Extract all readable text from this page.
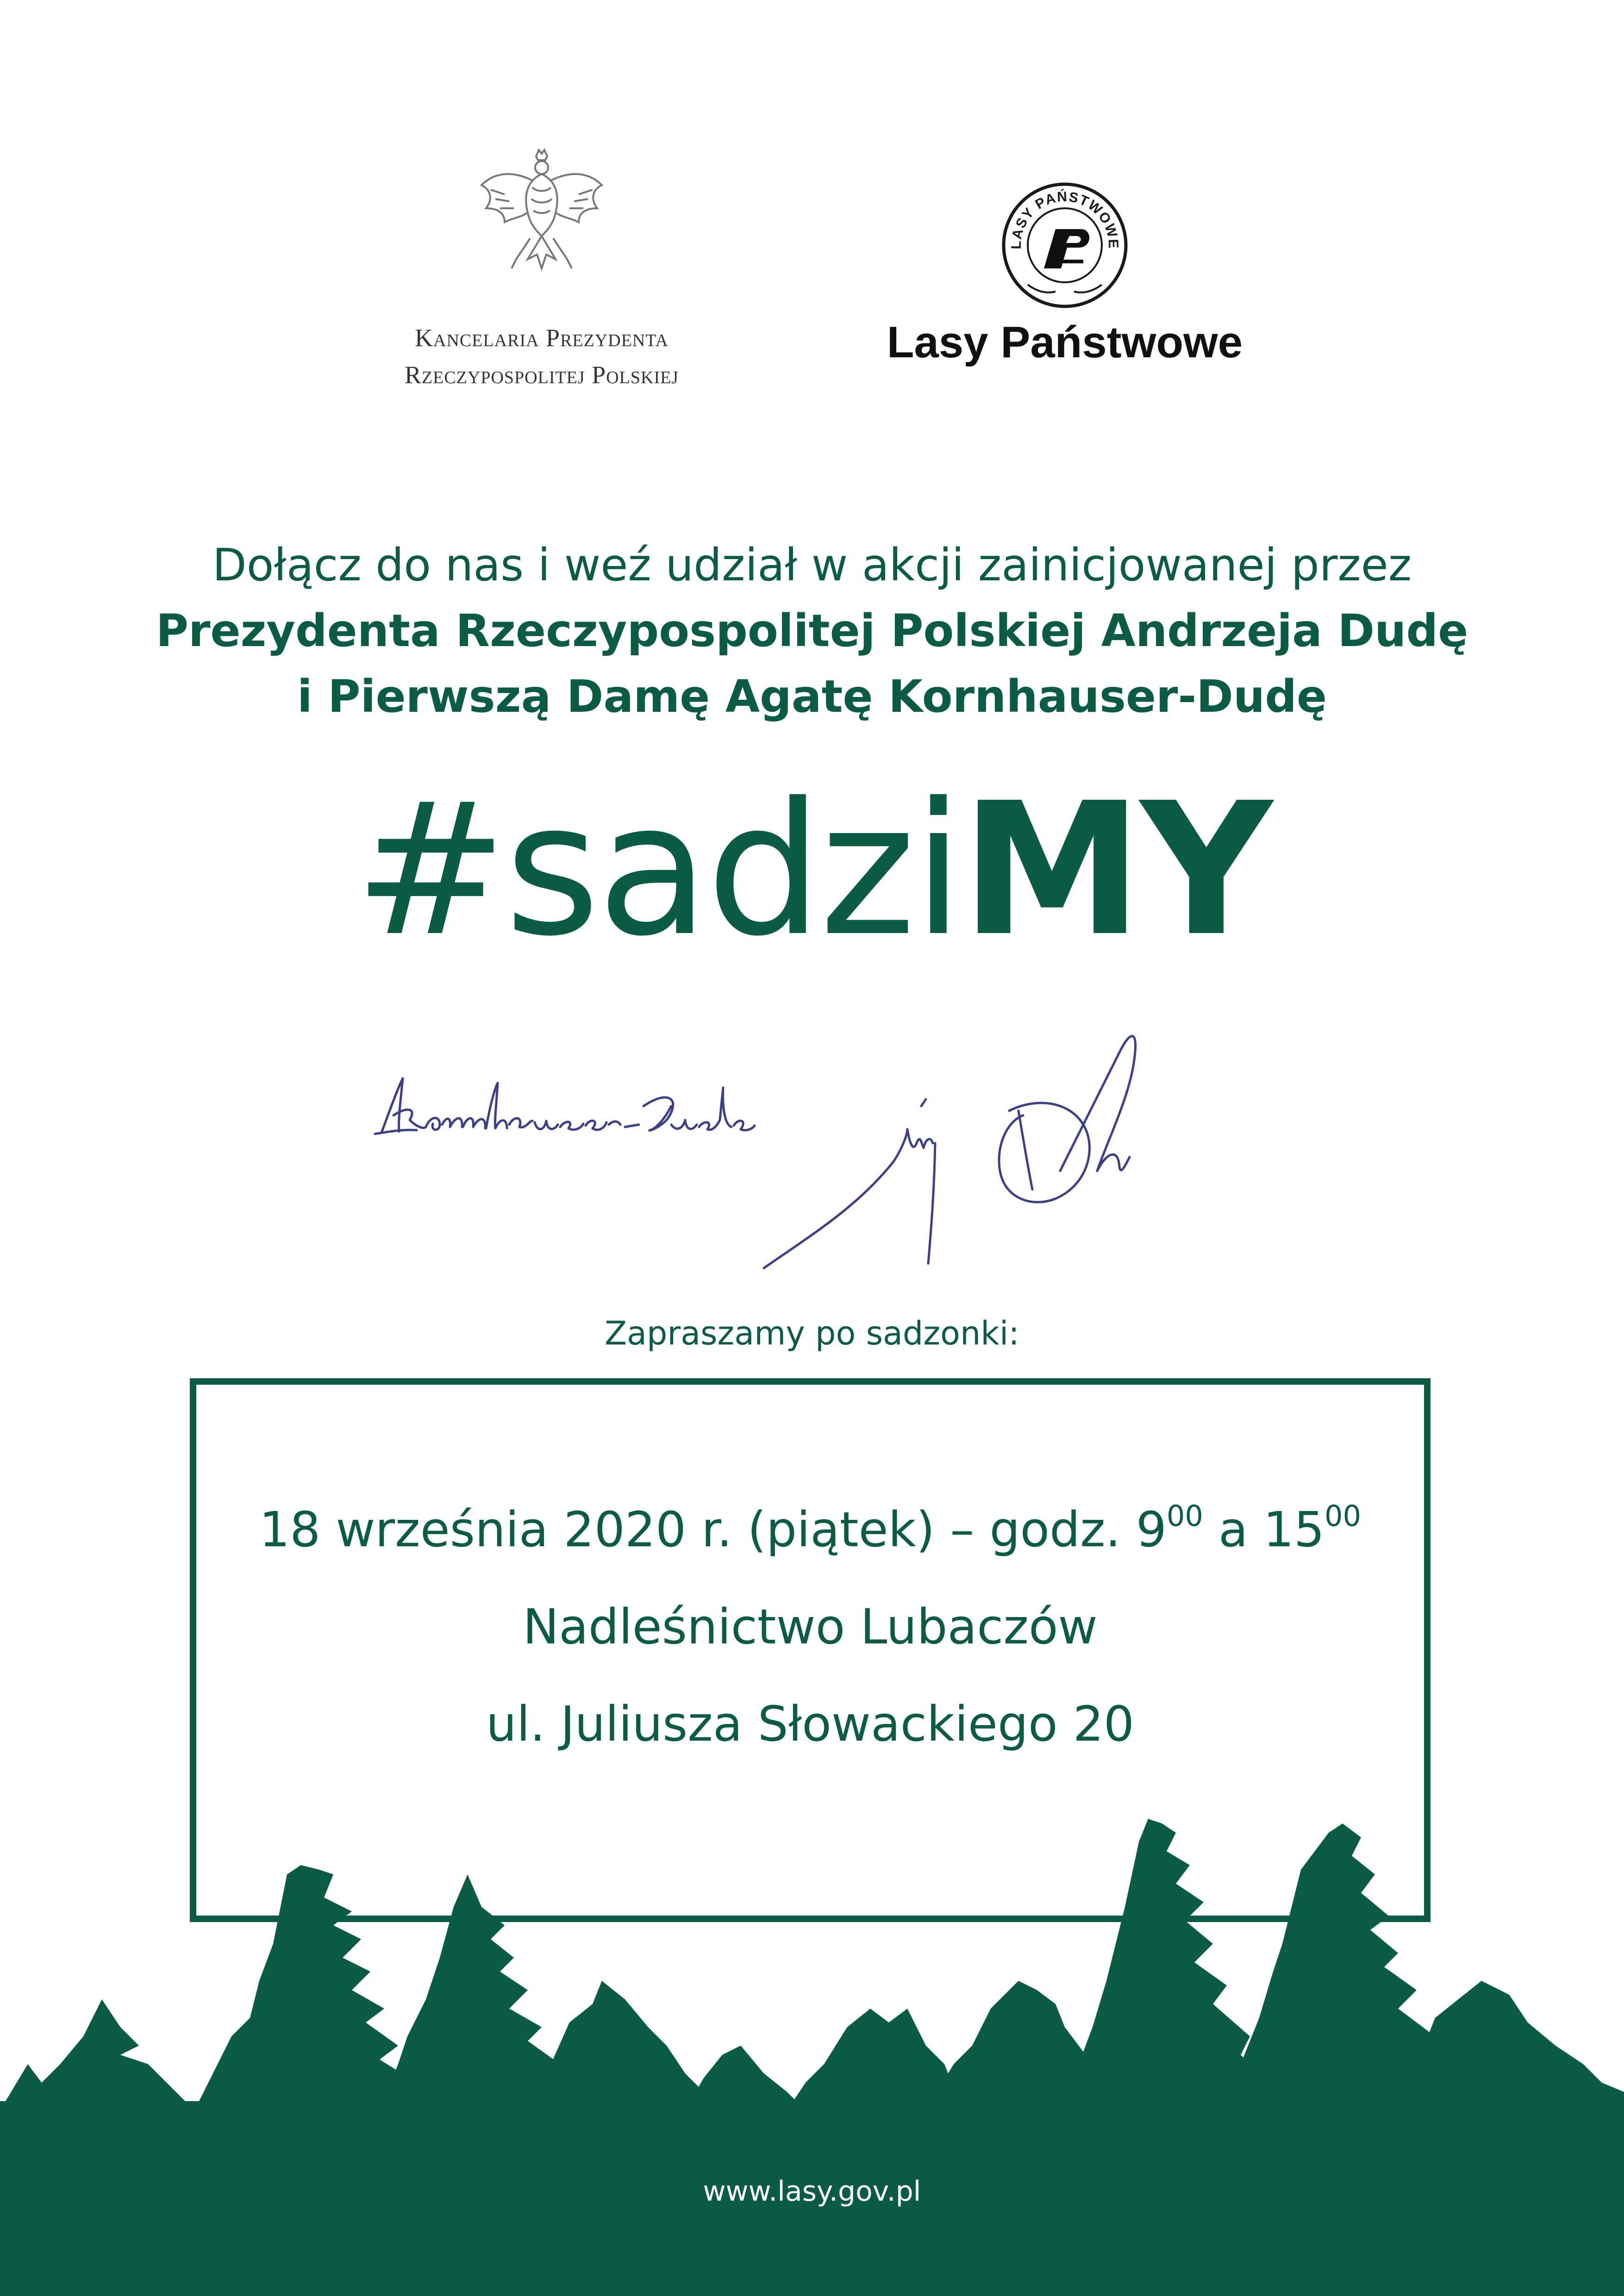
Kancelaria Prezydenta
Rzeczypospolitej Polskiej
LASY PAŃSTWOWE
Lasy Państwowe
Dołącz do nas i weź udział w akcji zainicjowanej przez
Prezydenta Rzeczypospolitej Polskiej Andrzeja Dudę
i Pierwszą Damę Agatę Kornhauser-Dudę
#sadziMY
Zapraszamy po sadzonki:
18 września 2020 r. (piątek) – godz. $9^{00}$ a $15^{00}$
Nadleśnictwo Lubaczów
ul. Juliusza Słowackiego 20
www.lasy.gov.pl
